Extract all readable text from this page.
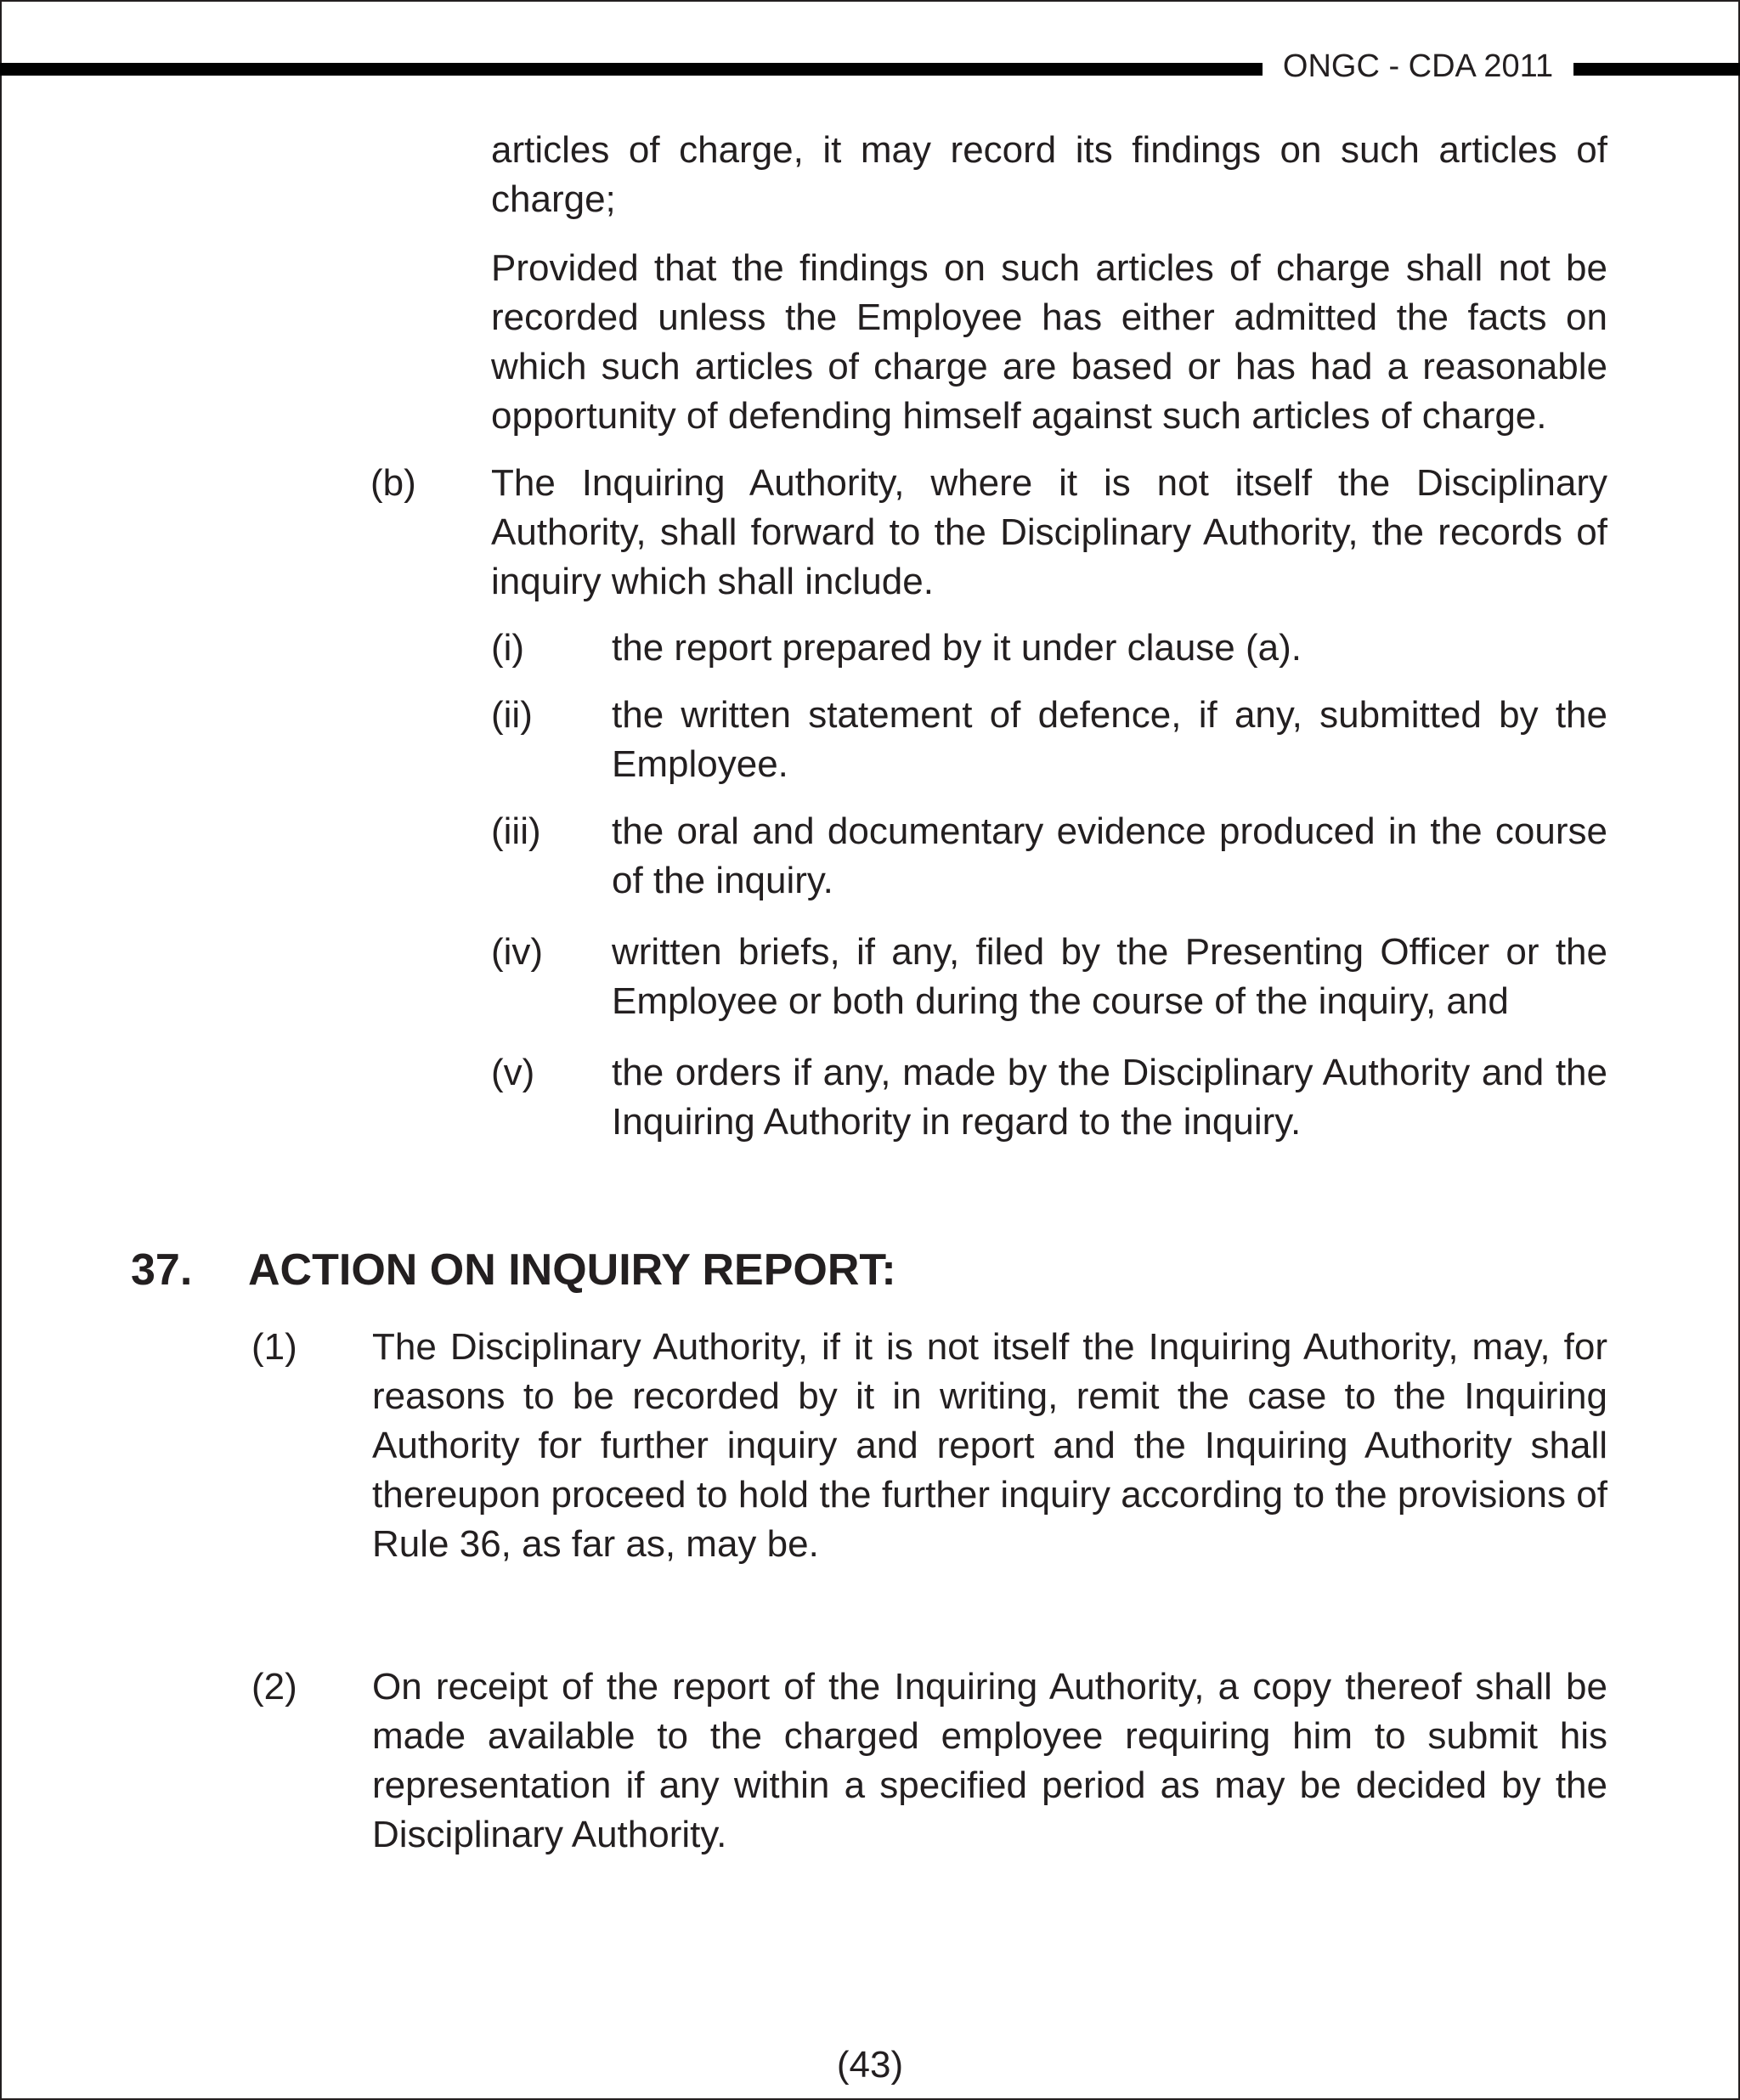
ONGC - CDA 2011

articles of charge, it may record its findings on such articles of charge;

Provided that the findings on such articles of charge shall not be recorded unless the Employee has either admitted the facts on which such articles of charge are based or has had a reasonable opportunity of defending himself against such articles of charge.

(b) The Inquiring Authority, where it is not itself the Disciplinary Authority, shall forward to the Disciplinary Authority, the records of inquiry which shall include.

(i) the report prepared by it under clause (a).

(ii) the written statement of defence, if any, submitted by the Employee.

(iii) the oral and documentary evidence produced in the course of the inquiry.

(iv) written briefs, if any, filed by the Presenting Officer or the Employee or both during the course of the inquiry, and

(v) the orders if any, made by the Disciplinary Authority and the Inquiring Authority in regard to the inquiry.

37. ACTION ON INQUIRY REPORT:

(1) The Disciplinary Authority, if it is not itself the Inquiring Authority, may, for reasons to be recorded by it in writing, remit the case to the Inquiring Authority for further inquiry and report and the Inquiring Authority shall thereupon proceed to hold the further inquiry according to the provisions of Rule 36, as far as, may be.

(2) On receipt of the report of the Inquiring Authority, a copy thereof shall be made available to the charged employee requiring him to submit his representation if any within a specified period as may be decided by the Disciplinary Authority.

(43)
